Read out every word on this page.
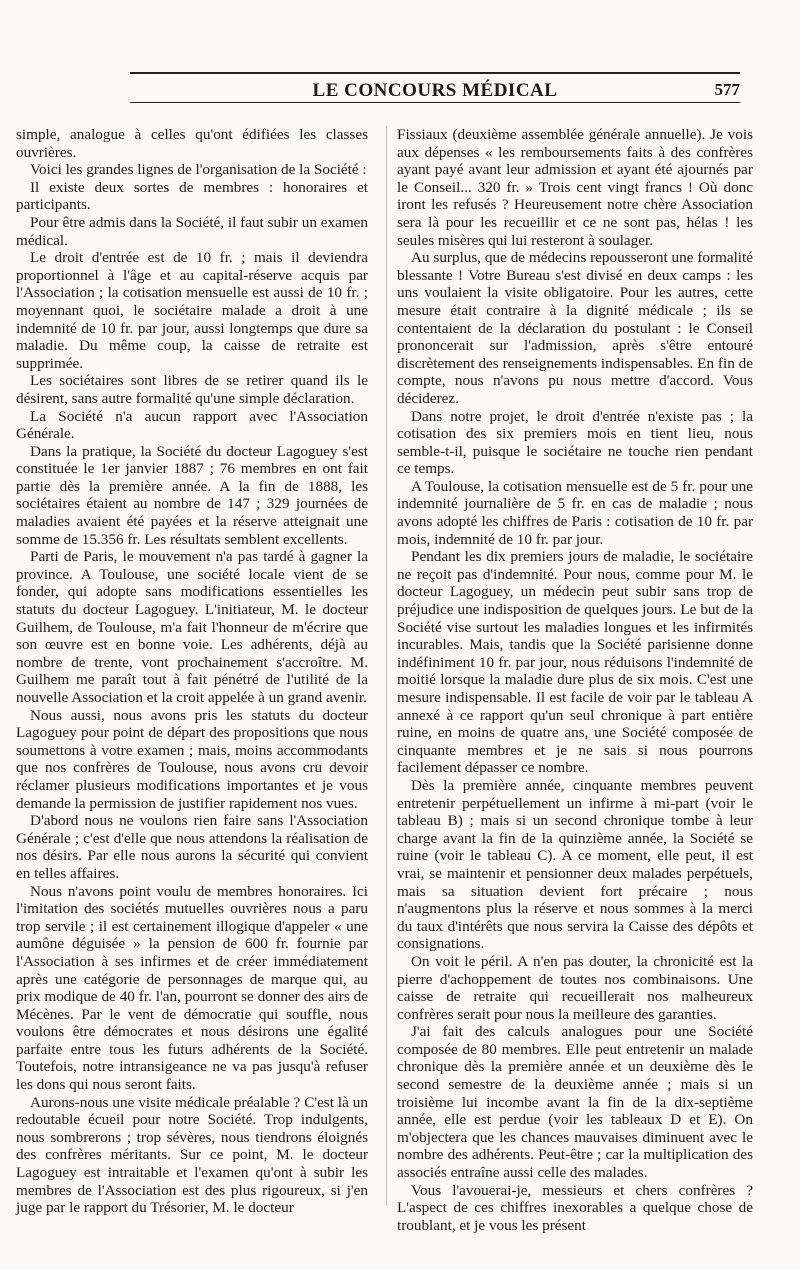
LE CONCOURS MÉDICAL	577

simple, analogue à celles qu'ont édifiées les classes ouvrières.

Voici les grandes lignes de l'organisation de la Société :

Il existe deux sortes de membres : honoraires et participants.

Pour être admis dans la Société, il faut subir un examen médical.

Le droit d'entrée est de 10 fr. ; mais il deviendra proportionnel à l'âge et au capital-réserve acquis par l'Association ; la cotisation mensuelle est aussi de 10 fr. ; moyennant quoi, le sociétaire malade a droit à une indemnité de 10 fr. par jour, aussi longtemps que dure sa maladie. Du même coup, la caisse de retraite est supprimée.

Les sociétaires sont libres de se retirer quand ils le désirent, sans autre formalité qu'une simple déclaration.

La Société n'a aucun rapport avec l'Association Générale.

Dans la pratique, la Société du docteur Lagoguey s'est constituée le 1er janvier 1887 ; 76 membres en ont fait partie dès la première année. A la fin de 1888, les sociétaires étaient au nombre de 147 ; 329 journées de maladies avaient été payées et la réserve atteignait une somme de 15.356 fr. Les résultats semblent excellents.

Parti de Paris, le mouvement n'a pas tardé à gagner la province. A Toulouse, une société locale vient de se fonder, qui adopte sans modifications essentielles les statuts du docteur Lagoguey. L'initiateur, M. le docteur Guilhem, de Toulouse, m'a fait l'honneur de m'écrire que son œuvre est en bonne voie. Les adhérents, déjà au nombre de trente, vont prochainement s'accroître. M. Guilhem me paraît tout à fait pénétré de l'utilité de la nouvelle Association et la croit appelée à un grand avenir.

Nous aussi, nous avons pris les statuts du docteur Lagoguey pour point de départ des propositions que nous soumettons à votre examen ; mais, moins accommodants que nos confrères de Toulouse, nous avons cru devoir réclamer plusieurs modifications importantes et je vous demande la permission de justifier rapidement nos vues.

D'abord nous ne voulons rien faire sans l'Association Générale ; c'est d'elle que nous attendons la réalisation de nos désirs. Par elle nous aurons la sécurité qui convient en telles affaires.

Nous n'avons point voulu de membres honoraires. Ici l'imitation des sociétés mutuelles ouvrières nous a paru trop servile ; il est certainement illogique d'appeler « une aumône déguisée » la pension de 600 fr. fournie par l'Association à ses infirmes et de créer immédiatement après une catégorie de personnages de marque qui, au prix modique de 40 fr. l'an, pourront se donner des airs de Mécènes. Par le vent de démocratie qui souffle, nous voulons être démocrates et nous désirons une égalité parfaite entre tous les futurs adhérents de la Société. Toutefois, notre intransigeance ne va pas jusqu'à refuser les dons qui nous seront faits.

Aurons-nous une visite médicale préalable ? C'est là un redoutable écueil pour notre Société. Trop indulgents, nous sombrerons ; trop sévères, nous tiendrons éloignés des confrères méritants. Sur ce point, M. le docteur Lagoguey est intraitable et l'examen qu'ont à subir les membres de l'Association est des plus rigoureux, si j'en juge par le rapport du Trésorier, M. le docteur

Fissiaux (deuxième assemblée générale annuelle). Je vois aux dépenses « les remboursements faits à des confrères ayant payé avant leur admission et ayant été ajournés par le Conseil... 320 fr. » Trois cent vingt francs ! Où donc iront les refusés ? Heureusement notre chère Association sera là pour les recueillir et ce ne sont pas, hélas ! les seules misères qui lui resteront à soulager.

Au surplus, que de médecins repousseront une formalité blessante ! Votre Bureau s'est divisé en deux camps : les uns voulaient la visite obligatoire. Pour les autres, cette mesure était contraire à la dignité médicale ; ils se contentaient de la déclaration du postulant : le Conseil prononcerait sur l'admission, après s'être entouré discrètement des renseignements indispensables. En fin de compte, nous n'avons pu nous mettre d'accord. Vous déciderez.

Dans notre projet, le droit d'entrée n'existe pas ; la cotisation des six premiers mois en tient lieu, nous semble-t-il, puisque le sociétaire ne touche rien pendant ce temps.

A Toulouse, la cotisation mensuelle est de 5 fr. pour une indemnité journalière de 5 fr. en cas de maladie ; nous avons adopté les chiffres de Paris : cotisation de 10 fr. par mois, indemnité de 10 fr. par jour.

Pendant les dix premiers jours de maladie, le sociétaire ne reçoit pas d'indemnité. Pour nous, comme pour M. le docteur Lagoguey, un médecin peut subir sans trop de préjudice une indisposition de quelques jours. Le but de la Société vise surtout les maladies longues et les infirmités incurables. Mais, tandis que la Société parisienne donne indéfiniment 10 fr. par jour, nous réduisons l'indemnité de moitié lorsque la maladie dure plus de six mois. C'est une mesure indispensable. Il est facile de voir par le tableau A annexé à ce rapport qu'un seul chronique à part entière ruine, en moins de quatre ans, une Société composée de cinquante membres et je ne sais si nous pourrons facilement dépasser ce nombre.

Dès la première année, cinquante membres peuvent entretenir perpétuellement un infirme à mi-part (voir le tableau B) ; mais si un second chronique tombe à leur charge avant la fin de la quinzième année, la Société se ruine (voir le tableau C). A ce moment, elle peut, il est vrai, se maintenir et pensionner deux malades perpétuels, mais sa situation devient fort précaire ; nous n'augmentons plus la réserve et nous sommes à la merci du taux d'intérêts que nous servira la Caisse des dépôts et consignations.

On voit le péril. A n'en pas douter, la chronicité est la pierre d'achoppement de toutes nos combinaisons. Une caisse de retraite qui recueillerait nos malheureux confrères serait pour nous la meilleure des garanties.

J'ai fait des calculs analogues pour une Société composée de 80 membres. Elle peut entretenir un malade chronique dès la première année et un deuxième dès le second semestre de la deuxième année ; mais si un troisième lui incombe avant la fin de la dix-septième année, elle est perdue (voir les tableaux D et E). On m'objectera que les chances mauvaises diminuent avec le nombre des adhérents. Peut-être ; car la multiplication des associés entraîne aussi celle des malades.

Vous l'avouerai-je, messieurs et chers confrères ? L'aspect de ces chiffres inexorables a quelque chose de troublant, et je vous les présent
